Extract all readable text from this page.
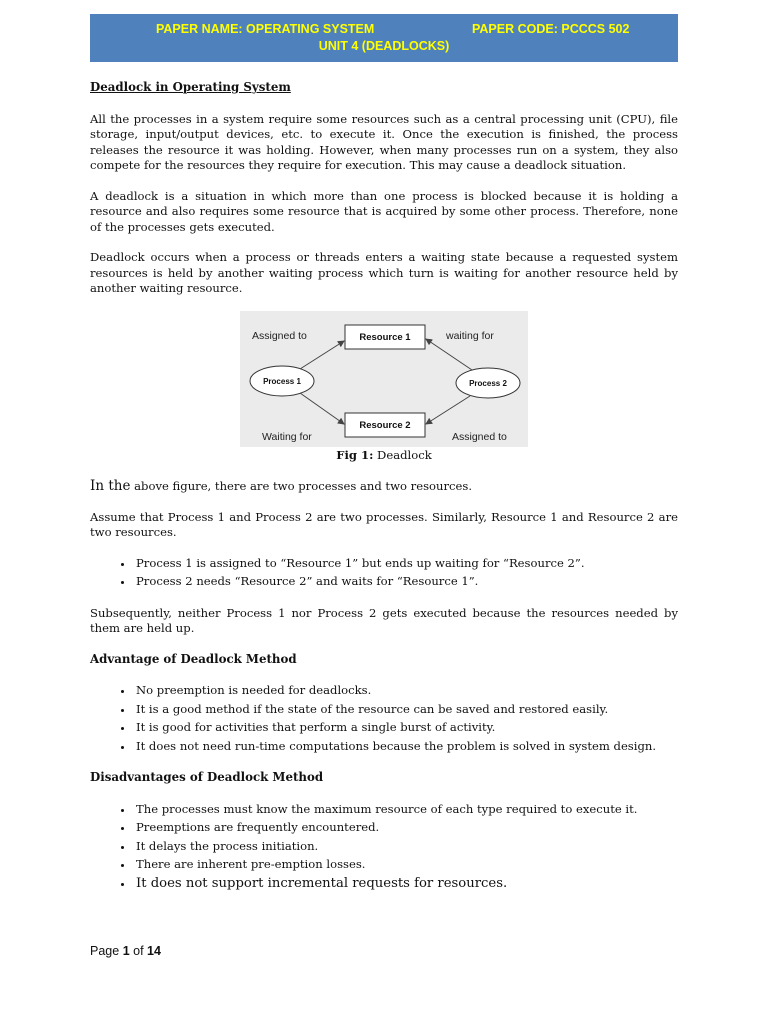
PAPER NAME: OPERATING SYSTEM	PAPER CODE: PCCCS 502
UNIT 4 (DEADLOCKS)

Deadlock in Operating System

All the processes in a system require some resources such as a central processing unit (CPU), file storage, input/output devices, etc. to execute it. Once the execution is finished, the process releases the resource it was holding. However, when many processes run on a system, they also compete for the resources they require for execution. This may cause a deadlock situation.

A deadlock is a situation in which more than one process is blocked because it is holding a resource and also requires some resource that is acquired by some other process. Therefore, none of the processes gets executed.

Deadlock occurs when a process or threads enters a waiting state because a requested system resources is held by another waiting process which turn is waiting for another resource held by another waiting resource.

Resource 1
Resource 2
Process 1	Process 2
Assigned to	waiting for
Waiting for	Assigned to

Fig 1: Deadlock

In the above figure, there are two processes and two resources.

Assume that Process 1 and Process 2 are two processes. Similarly, Resource 1 and Resource 2 are two resources.

• Process 1 is assigned to “Resource 1” but ends up waiting for “Resource 2”.
• Process 2 needs “Resource 2” and waits for “Resource 1”.

Subsequently, neither Process 1 nor Process 2 gets executed because the resources needed by them are held up.

Advantage of Deadlock Method

• No preemption is needed for deadlocks.
• It is a good method if the state of the resource can be saved and restored easily.
• It is good for activities that perform a single burst of activity.
• It does not need run-time computations because the problem is solved in system design.

Disadvantages of Deadlock Method

• The processes must know the maximum resource of each type required to execute it.
• Preemptions are frequently encountered.
• It delays the process initiation.
• There are inherent pre-emption losses.
• It does not support incremental requests for resources.
Page 1 of 14
